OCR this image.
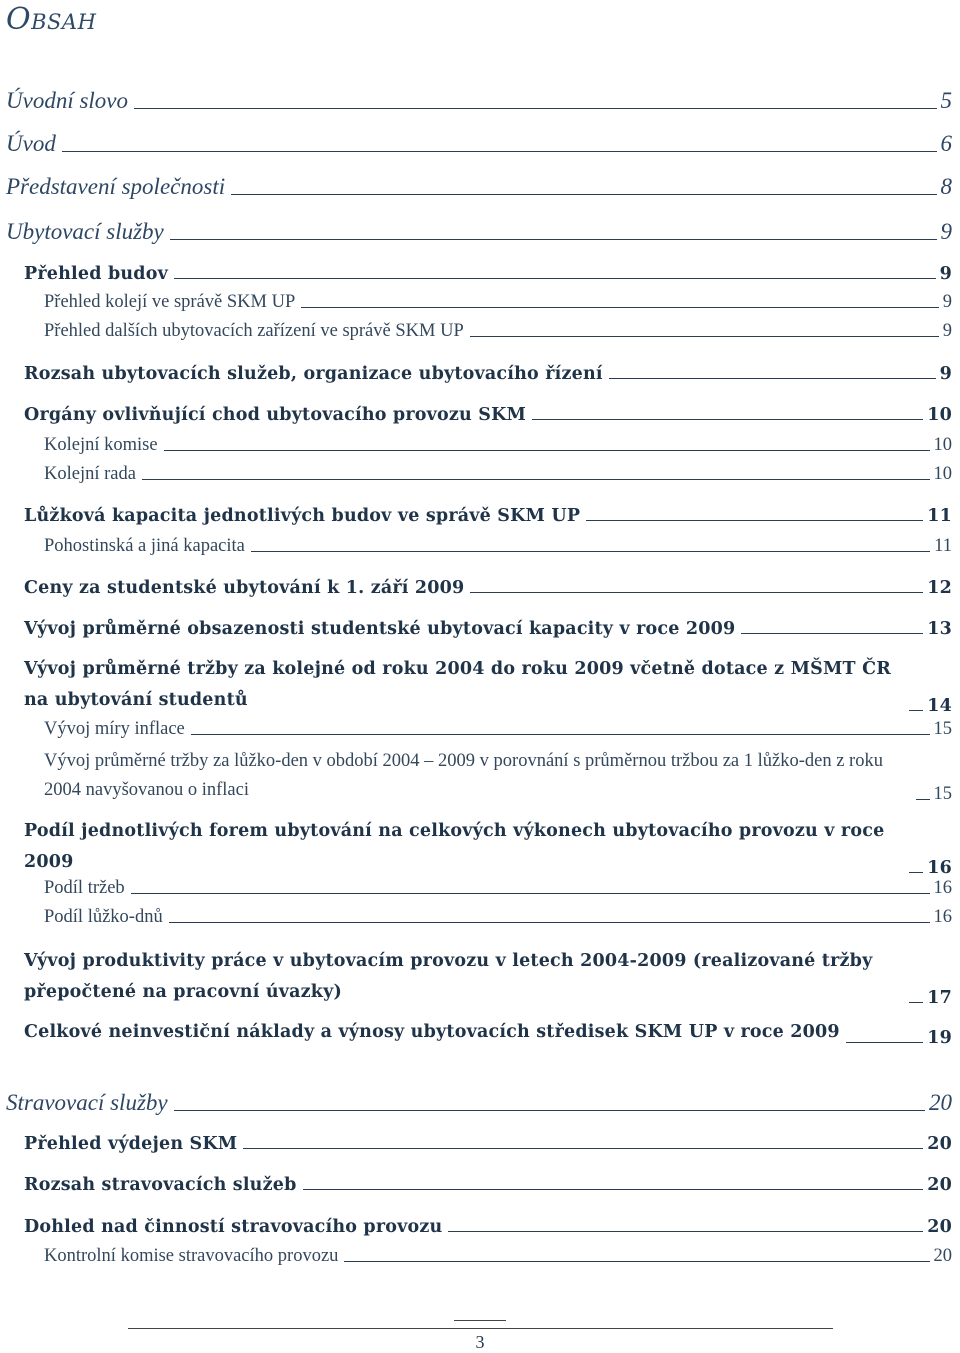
Obsah
Úvodní slovo	5
Úvod	6
Představení společnosti	8
Ubytovací služby	9
Přehled budov	9
Přehled kolejí ve správě SKM UP	9
Přehled dalších ubytovacích zařízení ve správě SKM UP	9
Rozsah ubytovacích služeb, organizace ubytovacího řízení	9
Orgány ovlivňující chod ubytovacího provozu SKM	10
Kolejní komise	10
Kolejní rada	10
Lůžková kapacita jednotlivých budov ve správě SKM UP	11
Pohostinská a jiná kapacita	11
Ceny za studentské ubytování k 1. září 2009	12
Vývoj průměrné obsazenosti studentské ubytovací kapacity v roce 2009	13
Vývoj průměrné tržby za kolejné od roku 2004 do roku 2009 včetně dotace z MŠMT ČR na ubytování studentů	14
Vývoj míry inflace	15
Vývoj průměrné tržby za lůžko-den v období 2004 – 2009 v porovnání s průměrnou tržbou za 1 lůžko-den z roku 2004 navyšovanou o inflaci	15
Podíl jednotlivých forem ubytování na celkových výkonech ubytovacího provozu v roce 2009	16
Podíl tržeb	16
Podíl lůžko-dnů	16
Vývoj produktivity práce v ubytovacím provozu v letech 2004-2009 (realizované tržby přepočtené na pracovní úvazky)	17
Celkové neinvestiční náklady a výnosy ubytovacích středisek SKM UP v roce 2009	19
Stravovací služby	20
Přehled výdejen SKM	20
Rozsah stravovacích služeb	20
Dohled nad činností stravovacího provozu	20
Kontrolní komise stravovacího provozu	20
3
